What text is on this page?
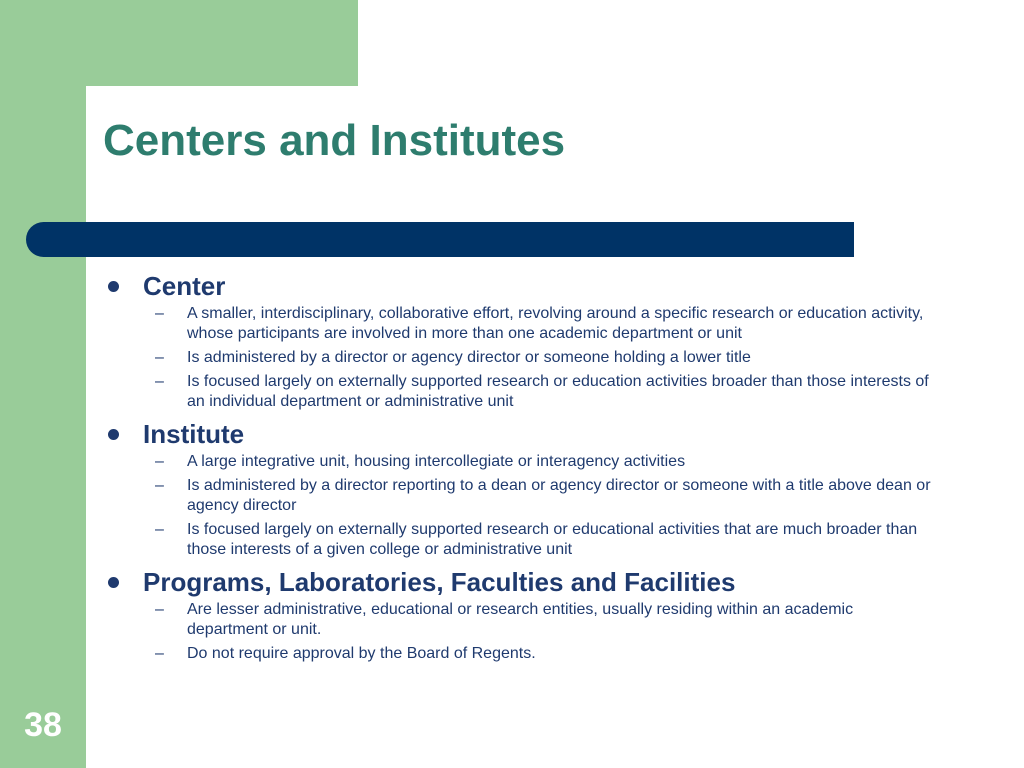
Centers and Institutes
Center
– A smaller, interdisciplinary, collaborative effort, revolving around a specific research or education activity, whose participants are involved in more than one academic department or unit
– Is administered by a director or agency director or someone holding a lower title
– Is focused largely on externally supported research or education activities broader than those interests of an individual department or administrative unit
Institute
– A large integrative unit, housing intercollegiate or interagency activities
– Is administered by a director reporting to a dean or agency director or someone with a title above dean or agency director
– Is focused largely on externally supported research or educational activities that are much broader than those interests of a given college or administrative unit
Programs, Laboratories, Faculties and Facilities
– Are lesser administrative, educational or research entities, usually residing within an academic department or unit.
– Do not require approval by the Board of Regents.
38
